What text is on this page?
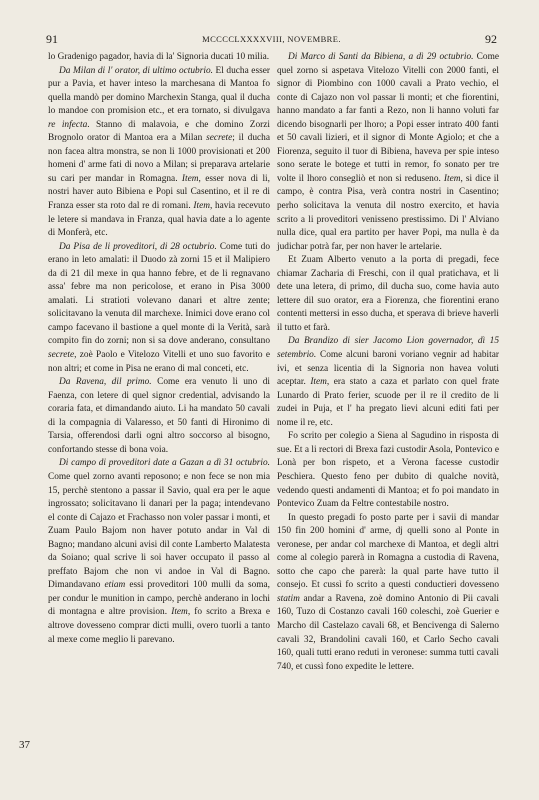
91	MCCCCLXXXXVIII, NOVEMBRE.	92
37

lo Gradenigo pagador, havia di la' Signoria ducati 10 milia.

Da Milan di l' orator, di ultimo octubrio. El ducha esser pur a Pavia, et haver inteso la marchesana di Mantoa fo quella mandò per domino Marchexin Stanga, qual il ducha lo mandoe con promision etc., et era tornato, si divulgava re infecta. Stanno di malavoia, e che domino Zorzi Brognolo orator di Mantoa era a Milan secrete; il ducha non facea altra monstra, se non li 1000 provisionati et 200 homeni d' arme fati di novo a Milan; si preparava artelarie su cari per mandar in Romagna. Item, esser nova di li, nostri haver auto Bibiena e Popi sul Casentino, et il re di Franza esser sta roto dal re di romani. Item, havia recevuto le letere si mandava in Franza, qual havia date a lo agente di Monferà, etc.

Da Pisa de li proveditori, di 28 octubrio. Come tuti do erano in leto amalati: il Duodo zà zorni 15 et il Malipiero da di 21 dil mexe in qua hanno febre, et de li regnavano assa' febre ma non pericolose, et erano in Pisa 3000 amalati. Li stratioti volevano danari et altre zente; solicitavano la venuta dil marchexe. Inimici dove erano col campo facevano il bastione a quel monte di la Verità, sarà compito fin do zorni; non si sa dove anderano, consultano secrete, zoè Paolo e Vitelozo Vitelli et uno suo favorito e non altri; et come in Pisa ne erano di mal conceti, etc.

Da Ravena, dil primo. Come era venuto li uno di Faenza, con letere di quel signor credential, advisando la coraria fata, et dimandando aiuto. Li ha mandato 50 cavali di la compagnia di Valaresso, et 50 fanti di Hironimo di Tarsia, offerendosi darli ogni altro soccorso al bisogno, confortando stesse di bona voia.

Di campo di proveditori date a Gazan a dì 31 octubrio. Come quel zorno avanti reposono; e non fece se non mia 15, perchè stentono a passar il Savio, qual era per le aque ingrossato; solicitavano li danari per la paga; intendevano el conte di Cajazo et Frachasso non voler passar i monti, et Zuam Paulo Bajom non haver potuto andar in Val di Bagno; mandano alcuni avisi dil conte Lamberto Malatesta da Soiano; qual scrive li soi haver occupato il passo al preffato Bajom che non vi andoe in Val di Bagno. Dimandavano etiam essi proveditori 100 mulli da soma, per condur le munition in campo, perchè anderano in lochi di montagna e altre provision. Item, fo scrito a Brexa e altrove dovesseno comprar dicti mulli, overo tuorli a tanto al mexe come meglio li parevano.

Di Marco di Santi da Bibiena, a dì 29 octubrio. Come quel zorno si aspetava Vitelozo Vitelli con 2000 fanti, el signor di Piombino con 1000 cavali a Prato vechio, el conte di Cajazo non vol passar li monti; et che fiorentini, hanno mandato a far fanti a Rezo, non li hanno voluti far dicendo bisognarli per lhoro; a Popi esser intrato 400 fanti et 50 cavali lizieri, et il signor di Monte Agiolo; et che a Fiorenza, seguito il tuor di Bibiena, haveva per spie inteso sono serate le botege et tutti in remor, fo sonato per tre volte il lhoro consegliò et non si reduseno. Item, si dice il campo, è contra Pisa, verà contra nostri in Casentino; perho solicitava la venuta dil nostro exercito, et havia scrito a li proveditori venisseno prestissimo. Di l' Alviano nulla dice, qual era partito per haver Popi, ma nulla è da judichar potrà far, per non haver le artelarie.

Et Zuam Alberto venuto a la porta di pregadi, fece chiamar Zacharia di Freschi, con il qual pratichava, et li dete una letera, di primo, dil ducha suo, come havia auto lettere dil suo orator, era a Fiorenza, che fiorentini erano contenti mettersi in esso ducha, et sperava di brieve haverli il tutto et farà.

Da Brandizo di sier Jacomo Lion governador, dì 15 setembrio. Come alcuni baroni voriano vegnir ad habitar ivi, et senza licentia di la Signoria non havea voluti aceptar. Item, era stato a caza et parlato con quel frate Lunardo di Prato ferier, scuode per il re il credito de li zudei in Puja, et l' ha pregato lievi alcuni editi fati per nome il re, etc.

Fo scrito per colegio a Siena al Sagudino in risposta di sue. Et a li rectori di Brexa fazi custodir Asola, Pontevico e Lonà per bon rispeto, et a Verona facesse custodir Peschiera. Questo feno per dubito di qualche novità, vedendo questi andamenti di Mantoa; et fo poi mandato in Pontevico Zuam da Feltre contestabile nostro.

In questo pregadi fo posto parte per i savii di mandar 150 fin 200 homini d' arme, dj quelli sono al Ponte in veronese, per andar col marchexe di Mantoa, et degli altri come al colegio parerà in Romagna a custodia di Ravena, sotto che capo che parerà: la qual parte have tutto il consejo. Et cussì fo scrito a questi conductieri dovesseno statim andar a Ravena, zoè domino Antonio di Pii cavali 160, Tuzo di Costanzo cavali 160 coleschi, zoè Guerier e Marcho dil Castelazo cavali 68, et Bencivenga di Salerno cavali 32, Brandolini cavali 160, et Carlo Secho cavali 160, quali tutti erano reduti in veronese: summa tutti cavali 740, et cussì fono expedite le lettere.
